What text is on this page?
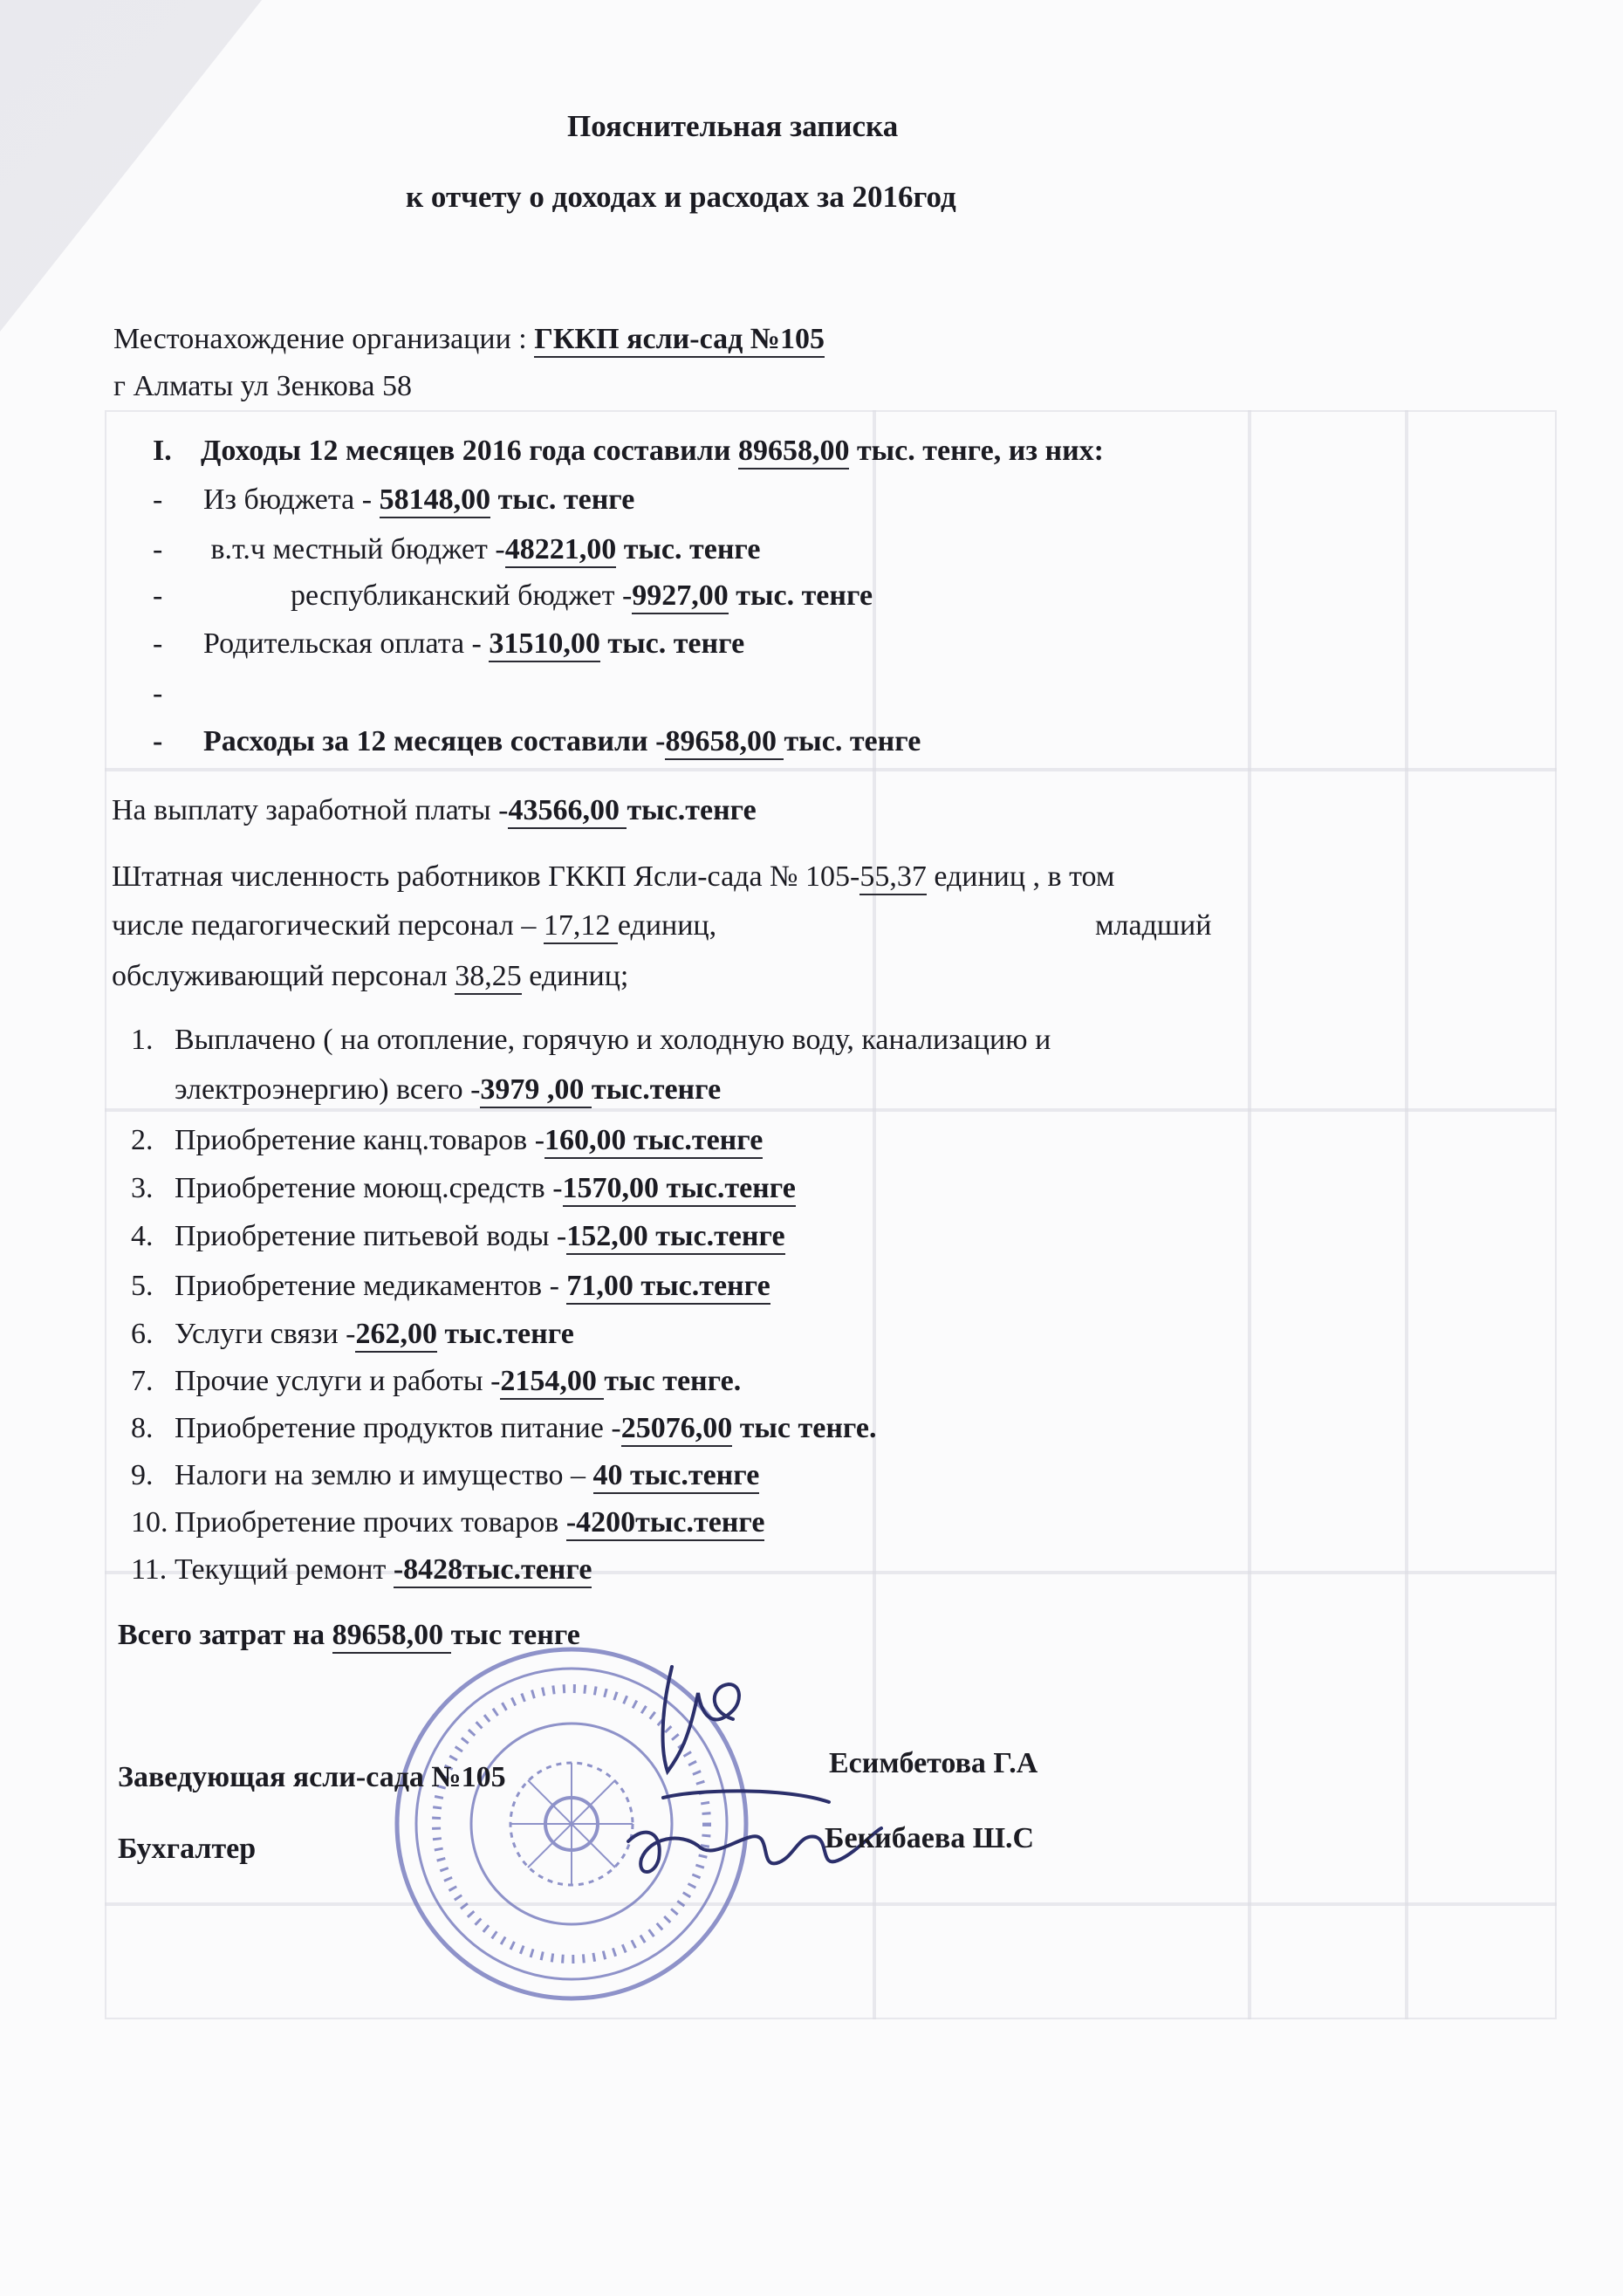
Пояснительная записка
к отчету о доходах и расходах за 2016год
Местонахождение организации : ГККП ясли-сад №105
г Алматы ул Зенкова 58
I. Доходы 12 месяцев 2016 года составили 89658,00 тыс. тенге, из них:
- Из бюджета - 58148,00 тыс. тенге
- в.т.ч местный бюджет -48221,00 тыс. тенге
-	республиканский бюджет -9927,00 тыс. тенге
- Родительская оплата - 31510,00 тыс. тенге
-
- Расходы за 12 месяцев составили -89658,00 тыс. тенге
На выплату заработной платы -43566,00 тыс.тенге
Штатная численность работников ГККП Ясли-сада № 105-55,37 единиц , в том
числе педагогический персонал – 17,12 единиц,	младший
обслуживающий персонал 38,25 единиц;
1. Выплачено ( на отопление, горячую и холодную воду, канализацию и
электроэнергию) всего -3979 ,00 тыс.тенге
2. Приобретение канц.товаров -160,00 тыс.тенге
3. Приобретение моющ.средств -1570,00 тыс.тенге
4. Приобретение питьевой воды -152,00 тыс.тенге
5. Приобретение медикаментов - 71,00 тыс.тенге
6. Услуги связи -262,00 тыс.тенге
7. Прочие услуги и работы -2154,00 тыс тенге.
8. Приобретение продуктов питание -25076,00 тыс тенге.
9. Налоги на землю и имущество – 40 тыс.тенге
10. Приобретение прочих товаров -4200тыс.тенге
11. Текущий ремонт -8428тыс.тенге
Всего затрат на 89658,00 тыс тенге
Заведующая ясли-сада №105	Есимбетова Г.А
Бухгалтер	Бекибаева Ш.С
